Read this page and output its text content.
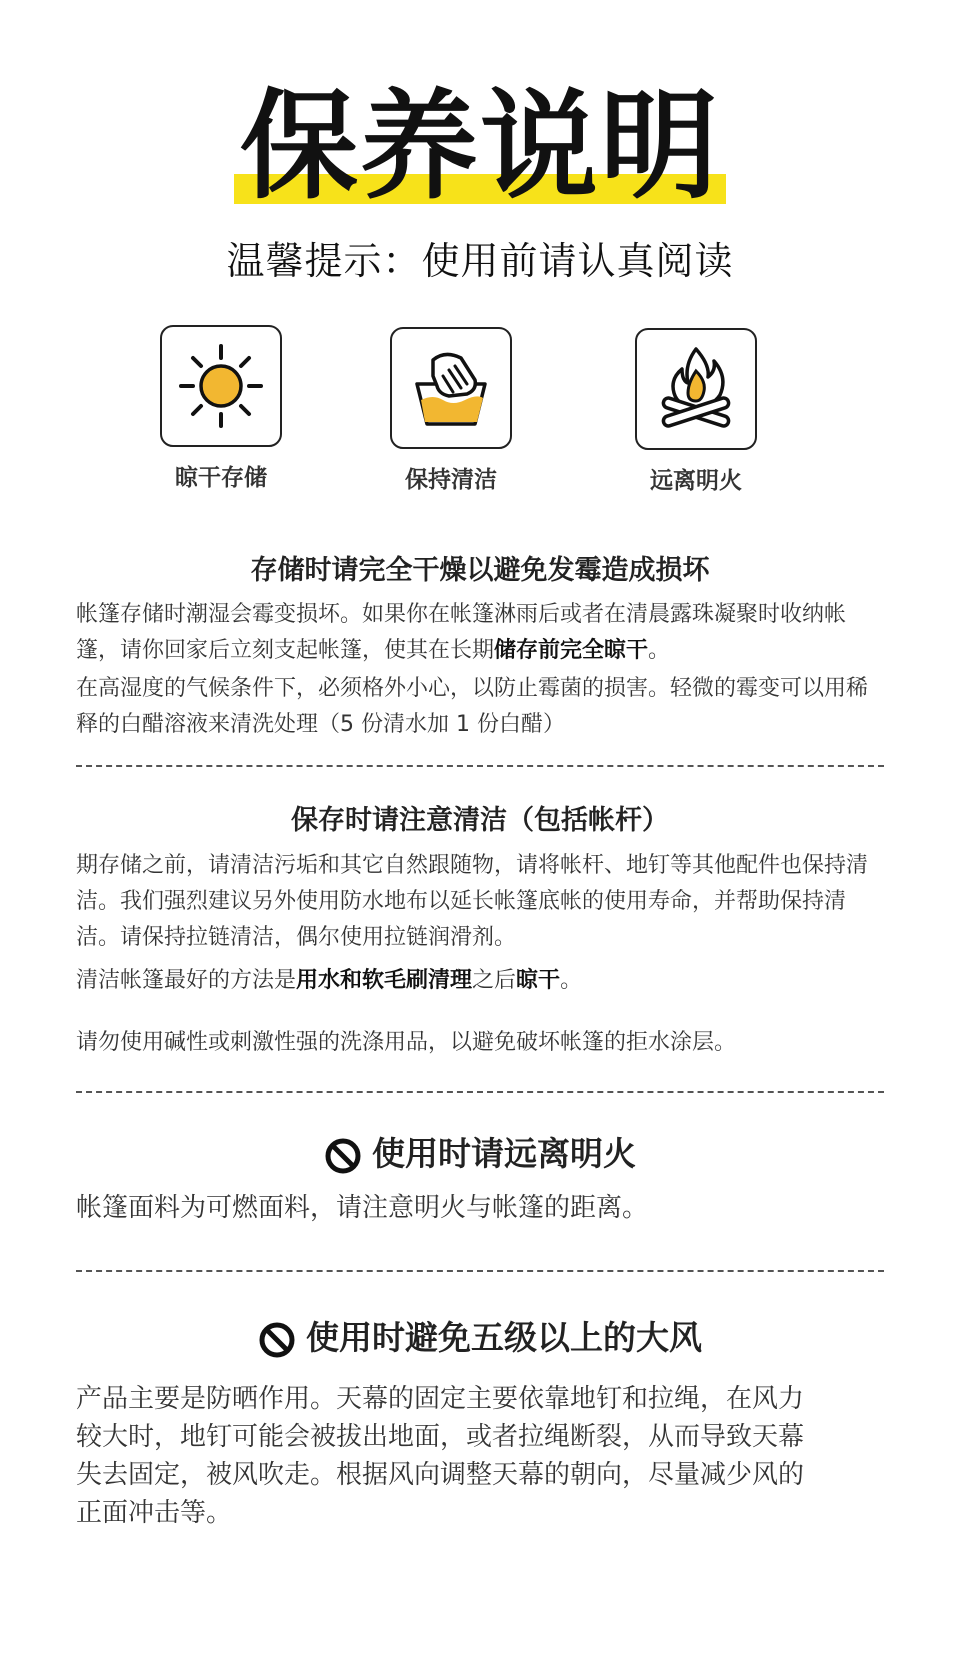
保养说明
温馨提示：使用前请认真阅读
晾干存储	保持清洁	远离明火
存储时请完全干燥以避免发霉造成损坏
帐篷存储时潮湿会霉变损坏。如果你在帐篷淋雨后或者在清晨露珠凝聚时收纳帐篷，请你回家后立刻支起帐篷，使其在长期储存前完全晾干。
在高湿度的气候条件下，必须格外小心，以防止霉菌的损害。轻微的霉变可以用稀释的白醋溶液来清洗处理（5 份清水加 1 份白醋）
保存时请注意清洁（包括帐杆）
期存储之前，请清洁污垢和其它自然跟随物，请将帐杆、地钉等其他配件也保持清洁。我们强烈建议另外使用防水地布以延长帐篷底帐的使用寿命，并帮助保持清洁。请保持拉链清洁，偶尔使用拉链润滑剂。
清洁帐篷最好的方法是用水和软毛刷清理之后晾干。
请勿使用碱性或刺激性强的洗涤用品，以避免破坏帐篷的拒水涂层。
使用时请远离明火
帐篷面料为可燃面料，请注意明火与帐篷的距离。
使用时避免五级以上的大风
产品主要是防晒作用。天幕的固定主要依靠地钉和拉绳，在风力较大时，地钉可能会被拔出地面，或者拉绳断裂，从而导致天幕失去固定，被风吹走。根据风向调整天幕的朝向，尽量减少风的正面冲击等。
